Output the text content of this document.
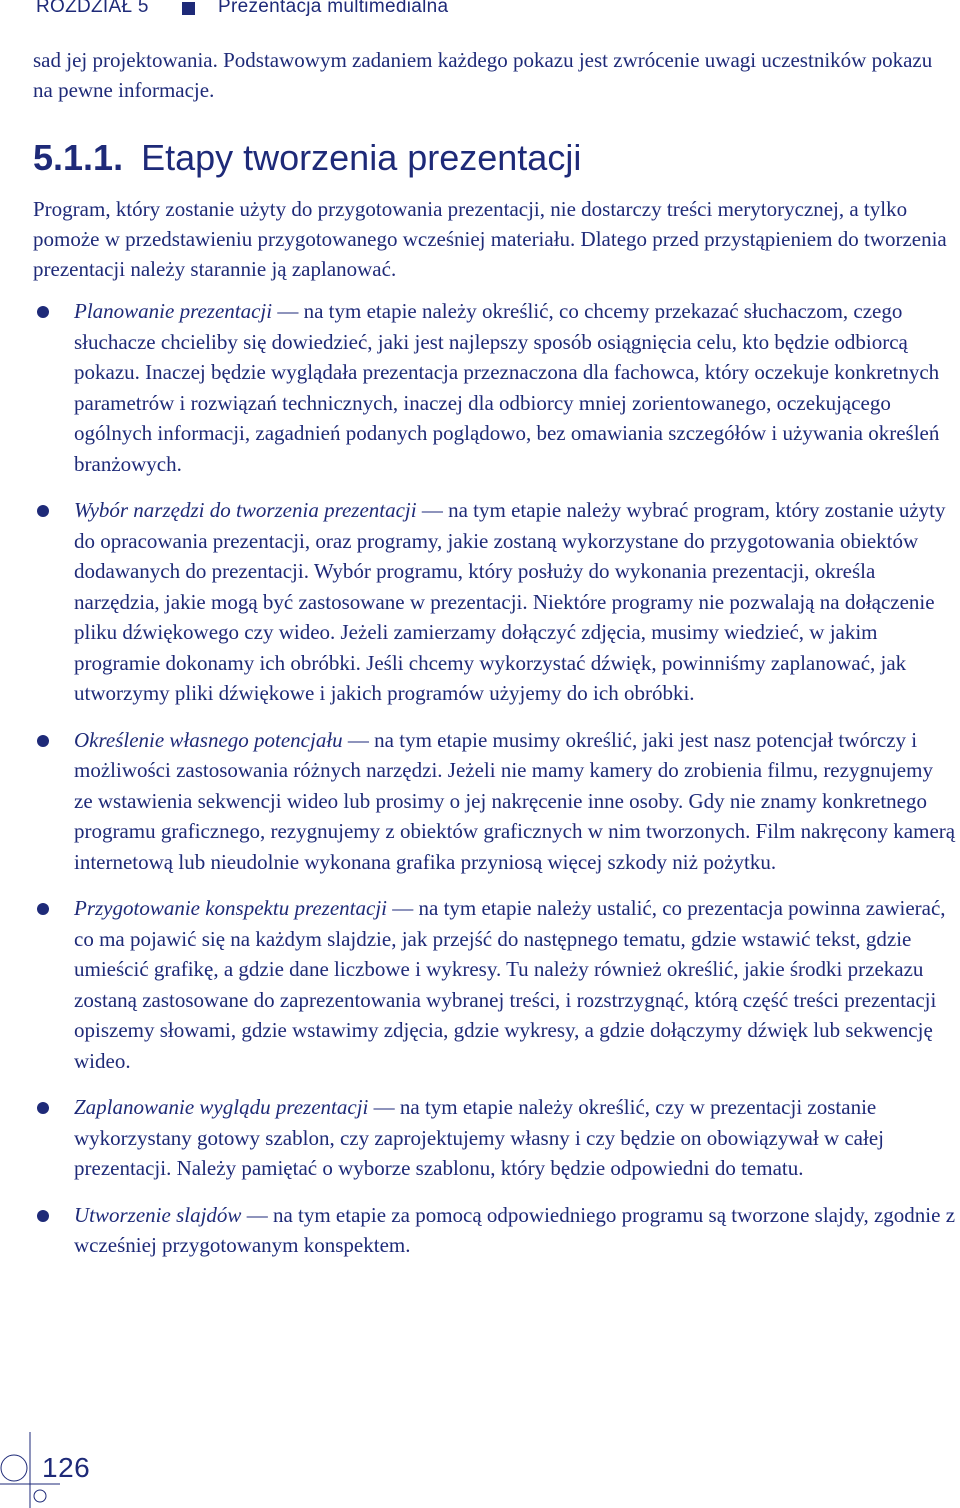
ROZDZIAŁ 5	Prezentacja multimedialna

sad jej projektowania. Podstawowym zadaniem każdego pokazu jest zwrócenie uwagi uczestników pokazu na pewne informacje.

5.1.1. Etapy tworzenia prezentacji

Program, który zostanie użyty do przygotowania prezentacji, nie dostarczy treści merytorycznej, a tylko pomoże w przedstawieniu przygotowanego wcześniej materiału. Dlatego przed przystąpieniem do tworzenia prezentacji należy starannie ją zaplanować.

Planowanie prezentacji — na tym etapie należy określić, co chcemy przekazać słuchaczom, czego słuchacze chcieliby się dowiedzieć, jaki jest najlepszy sposób osiągnięcia celu, kto będzie odbiorcą pokazu. Inaczej będzie wyglądała prezentacja przeznaczona dla fachowca, który oczekuje konkretnych parametrów i rozwiązań technicznych, inaczej dla odbiorcy mniej zorientowanego, oczekującego ogólnych informacji, zagadnień podanych poglądowo, bez omawiania szczegółów i używania określeń branżowych.
Wybór narzędzi do tworzenia prezentacji — na tym etapie należy wybrać program, który zostanie użyty do opracowania prezentacji, oraz programy, jakie zostaną wykorzystane do przygotowania obiektów dodawanych do prezentacji. Wybór programu, który posłuży do wykonania prezentacji, określa narzędzia, jakie mogą być zastosowane w prezentacji. Niektóre programy nie pozwalają na dołączenie pliku dźwiękowego czy wideo. Jeżeli zamierzamy dołączyć zdjęcia, musimy wiedzieć, w jakim programie dokonamy ich obróbki. Jeśli chcemy wykorzystać dźwięk, powinniśmy zaplanować, jak utworzymy pliki dźwiękowe i jakich programów użyjemy do ich obróbki.
Określenie własnego potencjału — na tym etapie musimy określić, jaki jest nasz potencjał twórczy i możliwości zastosowania różnych narzędzi. Jeżeli nie mamy kamery do zrobienia filmu, rezygnujemy ze wstawienia sekwencji wideo lub prosimy o jej nakręcenie inne osoby. Gdy nie znamy konkretnego programu graficznego, rezygnujemy z obiektów graficznych w nim tworzonych. Film nakręcony kamerą internetową lub nieudolnie wykonana grafika przyniosą więcej szkody niż pożytku.
Przygotowanie konspektu prezentacji — na tym etapie należy ustalić, co prezentacja powinna zawierać, co ma pojawić się na każdym slajdzie, jak przejść do następnego tematu, gdzie wstawić tekst, gdzie umieścić grafikę, a gdzie dane liczbowe i wykresy. Tu należy również określić, jakie środki przekazu zostaną zastosowane do zaprezentowania wybranej treści, i rozstrzygnąć, którą część treści prezentacji opiszemy słowami, gdzie wstawimy zdjęcia, gdzie wykresy, a gdzie dołączymy dźwięk lub sekwencję wideo.
Zaplanowanie wyglądu prezentacji — na tym etapie należy określić, czy w prezentacji zostanie wykorzystany gotowy szablon, czy zaprojektujemy własny i czy będzie on obowiązywał w całej prezentacji. Należy pamiętać o wyborze szablonu, który będzie odpowiedni do tematu.
Utworzenie slajdów — na tym etapie za pomocą odpowiedniego programu są tworzone slajdy, zgodnie z wcześniej przygotowanym konspektem.
126
